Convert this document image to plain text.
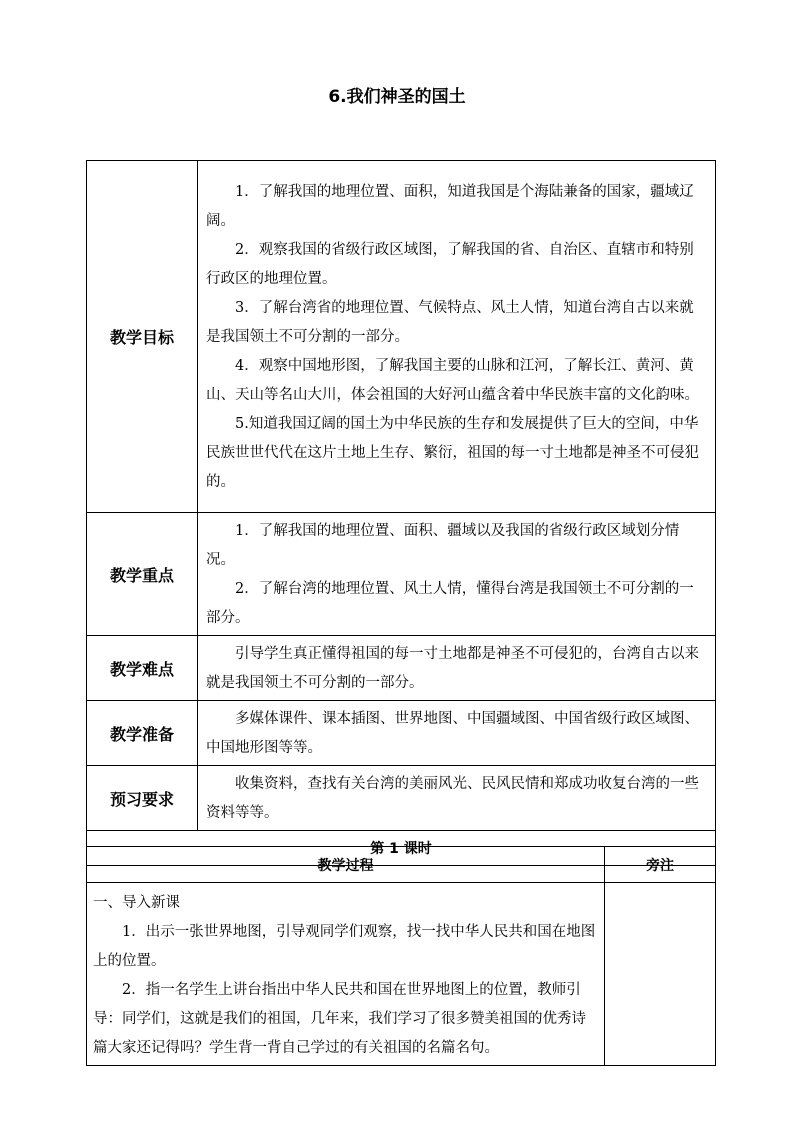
6.我们神圣的国土
教学目标	1．了解我国的地理位置、面积，知道我国是个海陆兼备的国家，疆域辽阔。

2．观察我国的省级行政区域图，了解我国的省、自治区、直辖市和特别行政区的地理位置。

3．了解台湾省的地理位置、气候特点、风土人情，知道台湾自古以来就是我国领土不可分割的一部分。

4．观察中国地形图，了解我国主要的山脉和江河，了解长江、黄河、黄山、天山等名山大川，体会祖国的大好河山蕴含着中华民族丰富的文化韵味。

5.知道我国辽阔的国土为中华民族的生存和发展提供了巨大的空间，中华民族世世代代在这片土地上生存、繁衍，祖国的每一寸土地都是神圣不可侵犯的。

教学重点	1．了解我国的地理位置、面积、疆域以及我国的省级行政区域划分情况。

2．了解台湾的地理位置、风土人情，懂得台湾是我国领土不可分割的一部分。

教学难点	引导学生真正懂得祖国的每一寸土地都是神圣不可侵犯的，台湾自古以来就是我国领土不可分割的一部分。

教学准备	多媒体课件、课本插图、世界地图、中国疆域图、中国省级行政区域图、中国地形图等等。

预习要求	收集资料，查找有关台湾的美丽风光、民风民情和郑成功收复台湾的一些资料等等。

第 1 课时	
教学过程	旁注

一、导入新课

1．出示一张世界地图，引导观同学们观察，找一找中华人民共和国在地图上的位置。

2．指一名学生上讲台指出中华人民共和国在世界地图上的位置，教师引导：同学们，这就是我们的祖国，几年来，我们学习了很多赞美祖国的优秀诗篇大家还记得吗？学生背一背自己学过的有关祖国的名篇名句。	
